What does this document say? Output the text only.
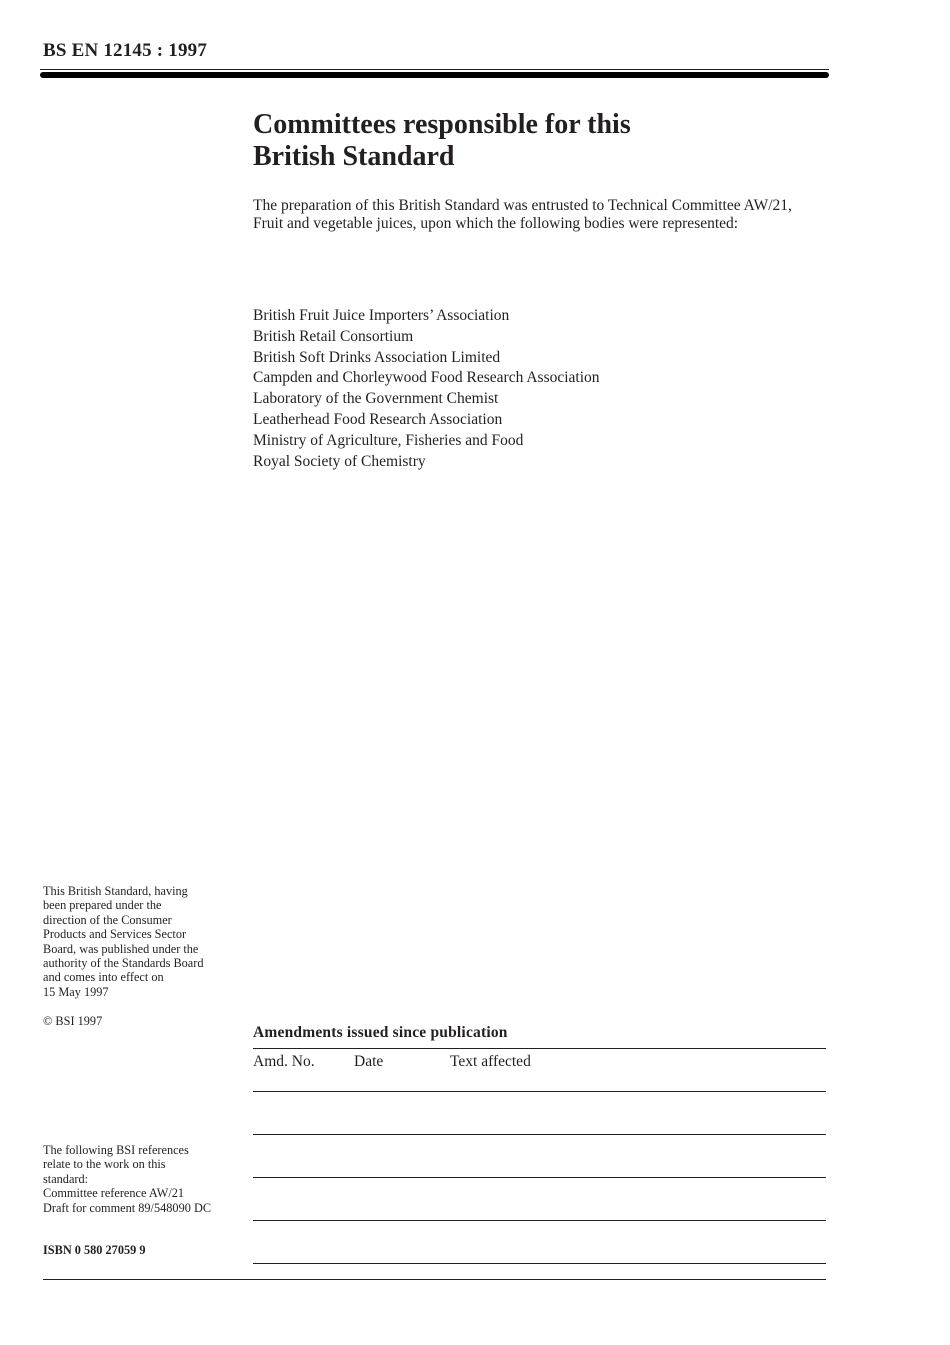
BS EN 12145 : 1997
Committees responsible for this
British Standard

The preparation of this British Standard was entrusted to Technical Committee AW/21, Fruit and vegetable juices, upon which the following bodies were represented:

British Fruit Juice Importers’ Association
British Retail Consortium
British Soft Drinks Association Limited
Campden and Chorleywood Food Research Association
Laboratory of the Government Chemist
Leatherhead Food Research Association
Ministry of Agriculture, Fisheries and Food
Royal Society of Chemistry
This British Standard, having
been prepared under the
direction of the Consumer
Products and Services Sector
Board, was published under the
authority of the Standards Board
and comes into effect on
15 May 1997
© BSI 1997
The following BSI references
relate to the work on this
standard:
Committee reference AW/21
Draft for comment 89/548090 DC
ISBN 0 580 27059 9
Amendments issued since publication
Amd. No.	Date	Text affected
